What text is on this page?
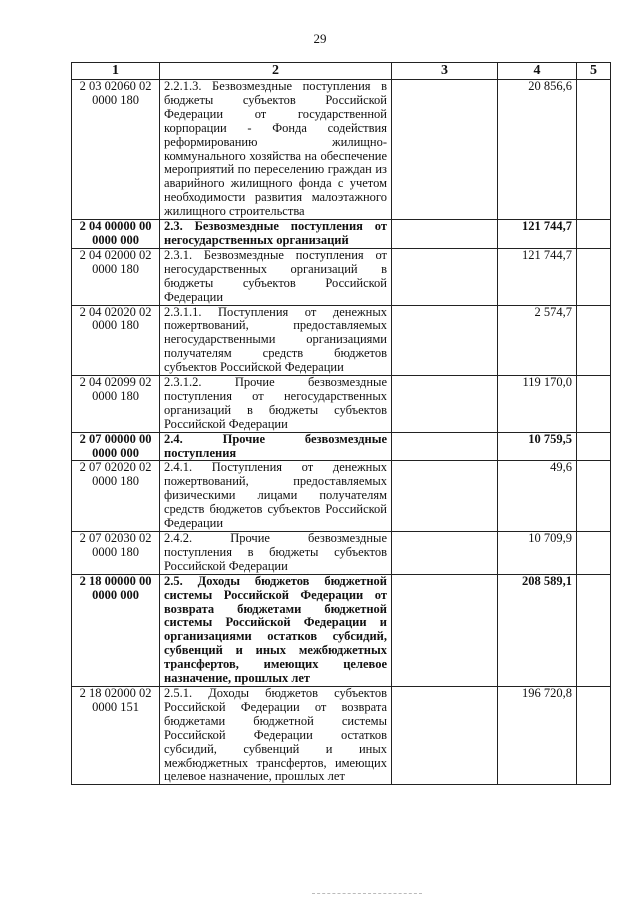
29
1	2	3	4	5
2 03 02060 02 0000 180	2.2.1.3. Безвозмездные поступления в бюджеты субъектов Российской Федерации от государственной корпорации - Фонда содействия реформированию жилищно-коммунального хозяйства на обеспечение мероприятий по переселению граждан из аварийного жилищного фонда с учетом необходимости развития малоэтажного жилищного строительства		20 856,6	
2 04 00000 00 0000 000	2.3. Безвозмездные поступления от негосударственных организаций		121 744,7	
2 04 02000 02 0000 180	2.3.1. Безвозмездные поступления от негосударственных организаций в бюджеты субъектов Российской Федерации		121 744,7	
2 04 02020 02 0000 180	2.3.1.1. Поступления от денежных пожертвований, предоставляемых негосударственными организациями получателям средств бюджетов субъектов Российской Федерации		2 574,7	
2 04 02099 02 0000 180	2.3.1.2. Прочие безвозмездные поступления от негосударственных организаций в бюджеты субъектов Российской Федерации		119 170,0	
2 07 00000 00 0000 000	2.4. Прочие безвозмездные поступления		10 759,5	
2 07 02020 02 0000 180	2.4.1. Поступления от денежных пожертвований, предоставляемых физическими лицами получателям средств бюджетов субъектов Российской Федерации		49,6	
2 07 02030 02 0000 180	2.4.2. Прочие безвозмездные поступления в бюджеты субъектов Российской Федерации		10 709,9	
2 18 00000 00 0000 000	2.5. Доходы бюджетов бюджетной системы Российской Федерации от возврата бюджетами бюджетной системы Российской Федерации и организациями остатков субсидий, субвенций и иных межбюджетных трансфертов, имеющих целевое назначение, прошлых лет		208 589,1	
2 18 02000 02 0000 151	2.5.1. Доходы бюджетов субъектов Российской Федерации от возврата бюджетами бюджетной системы Российской Федерации остатков субсидий, субвенций и иных межбюджетных трансфертов, имеющих целевое назначение, прошлых лет		196 720,8	
